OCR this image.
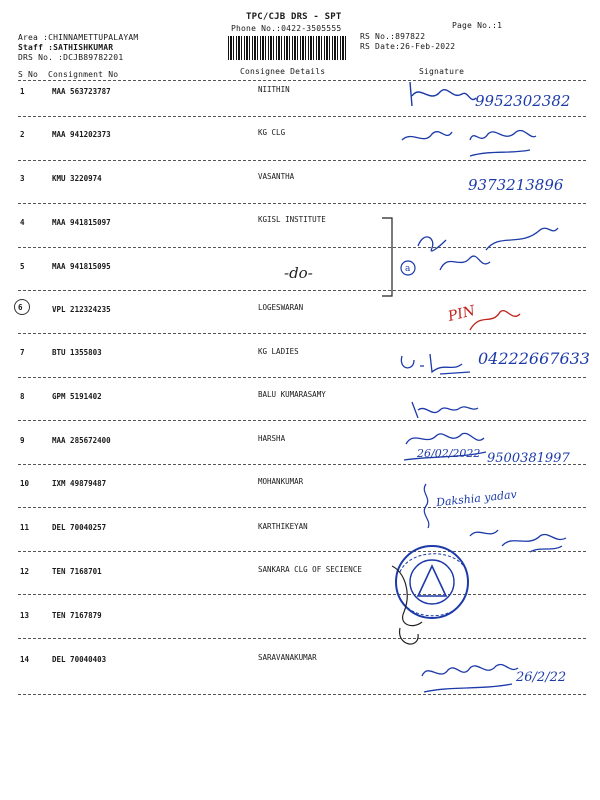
TPC/CJB DRS - SPT
Phone No.:0422-3505555	Page No.:1
RS No.:897822
RS Date:26-Feb-2022
Area :CHINNAMETTUPALAYAM
Staff :SATHISHKUMAR
DRS No. :DCJB89782201
S No Consignment No	Consignee Details	Signature
1	MAA 563723787	NIITHIN
2	MAA 941202373	KG CLG
3	KMU 3220974	VASANTHA
4	MAA 941815097	KGISL INSTITUTE
5	MAA 941815095	-do-
6	VPL 212324235	LOGESWARAN
7	BTU 1355803	KG LADIES
8	GPM 5191402	BALU KUMARASAMY
9	MAA 285672400	HARSHA
10	IXM 49879487	MOHANKUMAR
11	DEL 70040257	KARTHIKEYAN
12	TEN 7168701	SANKARA CLG OF SECIENCE
13	TEN 7167879
14	DEL 70040403	SARAVANAKUMAR
9952302382
9373213896
PIN
04222667633
26/02/2022 9500381997
Dakshia yadav
26/2/22
a
